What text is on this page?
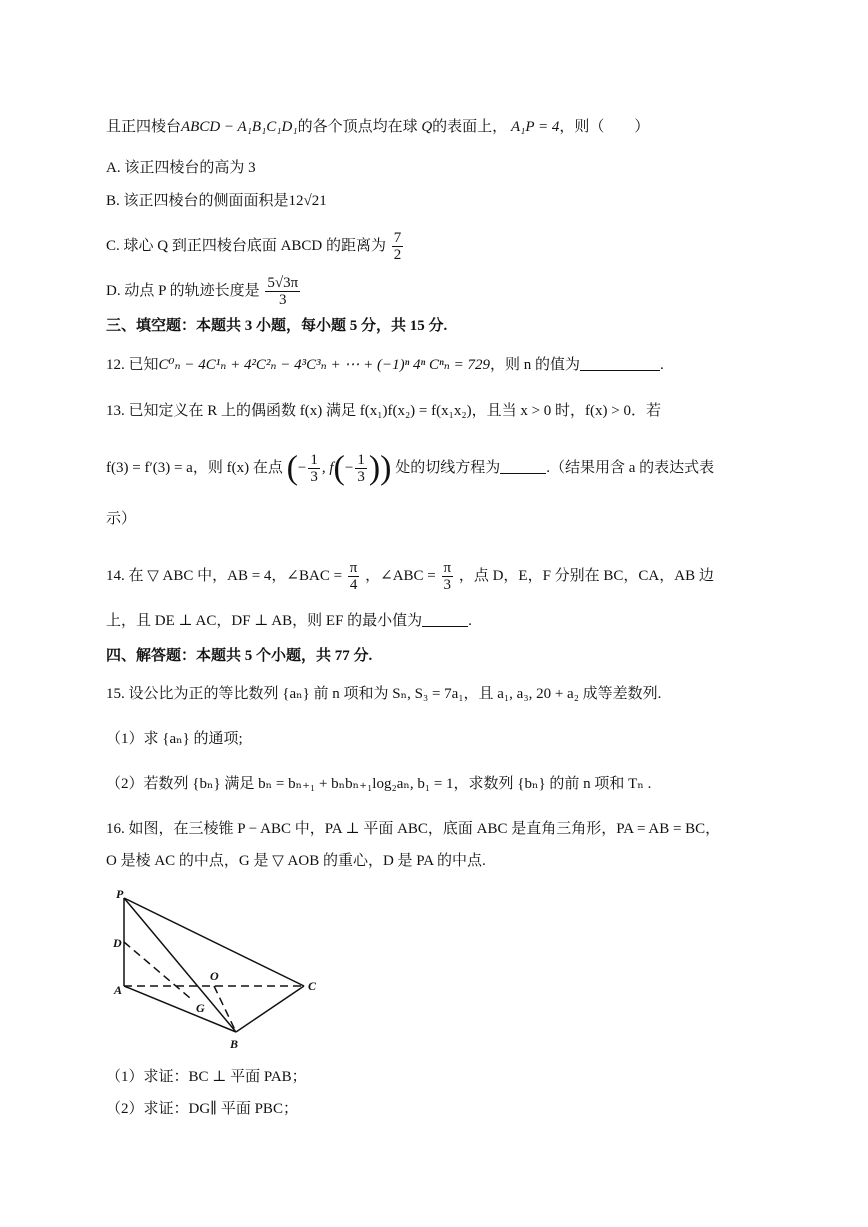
且正四棱台ABCD − A₁B₁C₁D₁的各个顶点均在球 Q的表面上， A₁P = 4，则（　　）
A. 该正四棱台的高为 3
B. 该正四棱台的侧面面积是12√21
C. 球心 Q 到正四棱台底面 ABCD 的距离为 $\frac{7}{2}$
D. 动点 P 的轨迹长度是 $\frac{5√3\pi}{3}$
三、填空题：本题共 3 小题，每小题 5 分，共 15 分.
12. 已知C⁰ₙ − 4C¹ₙ + 4²C²ₙ − 4³C³ₙ + ⋯ + (−1)ⁿ 4ⁿ Cⁿₙ = 729，则 n 的值为	.
13. 已知定义在 R 上的偶函数 f(x) 满足 f(x₁)f(x₂) = f(x₁x₂)，且当 x > 0 时，f(x) > 0．若
f(3) = f′(3) = a，则 f(x) 在点 (− $\frac{1}{3}$ , $f(- \frac{1}{3}$ )) 处的切线方程为	.（结果用含 a 的表达式表
示）
14. 在 ▽ ABC 中，AB = 4，∠BAC = $\frac{\pi}{4}$ ，∠ABC = $\frac{\pi}{3}$ ，点 D，E，F 分别在 BC，CA，AB 边
上，且 DE ⊥ AC，DF ⊥ AB，则 EF 的最小值为	.
四、解答题：本题共 5 个小题，共 77 分.
15. 设公比为正的等比数列 {aₙ} 前 n 项和为 Sₙ, S₃ = 7a₁，且 a₁, a₃, 20 + a₂ 成等差数列.
（1）求 {aₙ} 的通项;
（2）若数列 {bₙ} 满足 bₙ = bₙ₊₁ + bₙbₙ₊₁log₂aₙ, b₁ = 1，求数列 {bₙ} 的前 n 项和 Tₙ .
16. 如图，在三棱锥 P − ABC 中，PA ⊥ 平面 ABC，底面 ABC 是直角三角形，PA = AB = BC，
O 是棱 AC 的中点，G 是 ▽ AOB 的重心，D 是 PA 的中点.
P
D
A
O
G
B
C
（1）求证：BC ⊥ 平面 PAB；
（2）求证：DG∥ 平面 PBC；
